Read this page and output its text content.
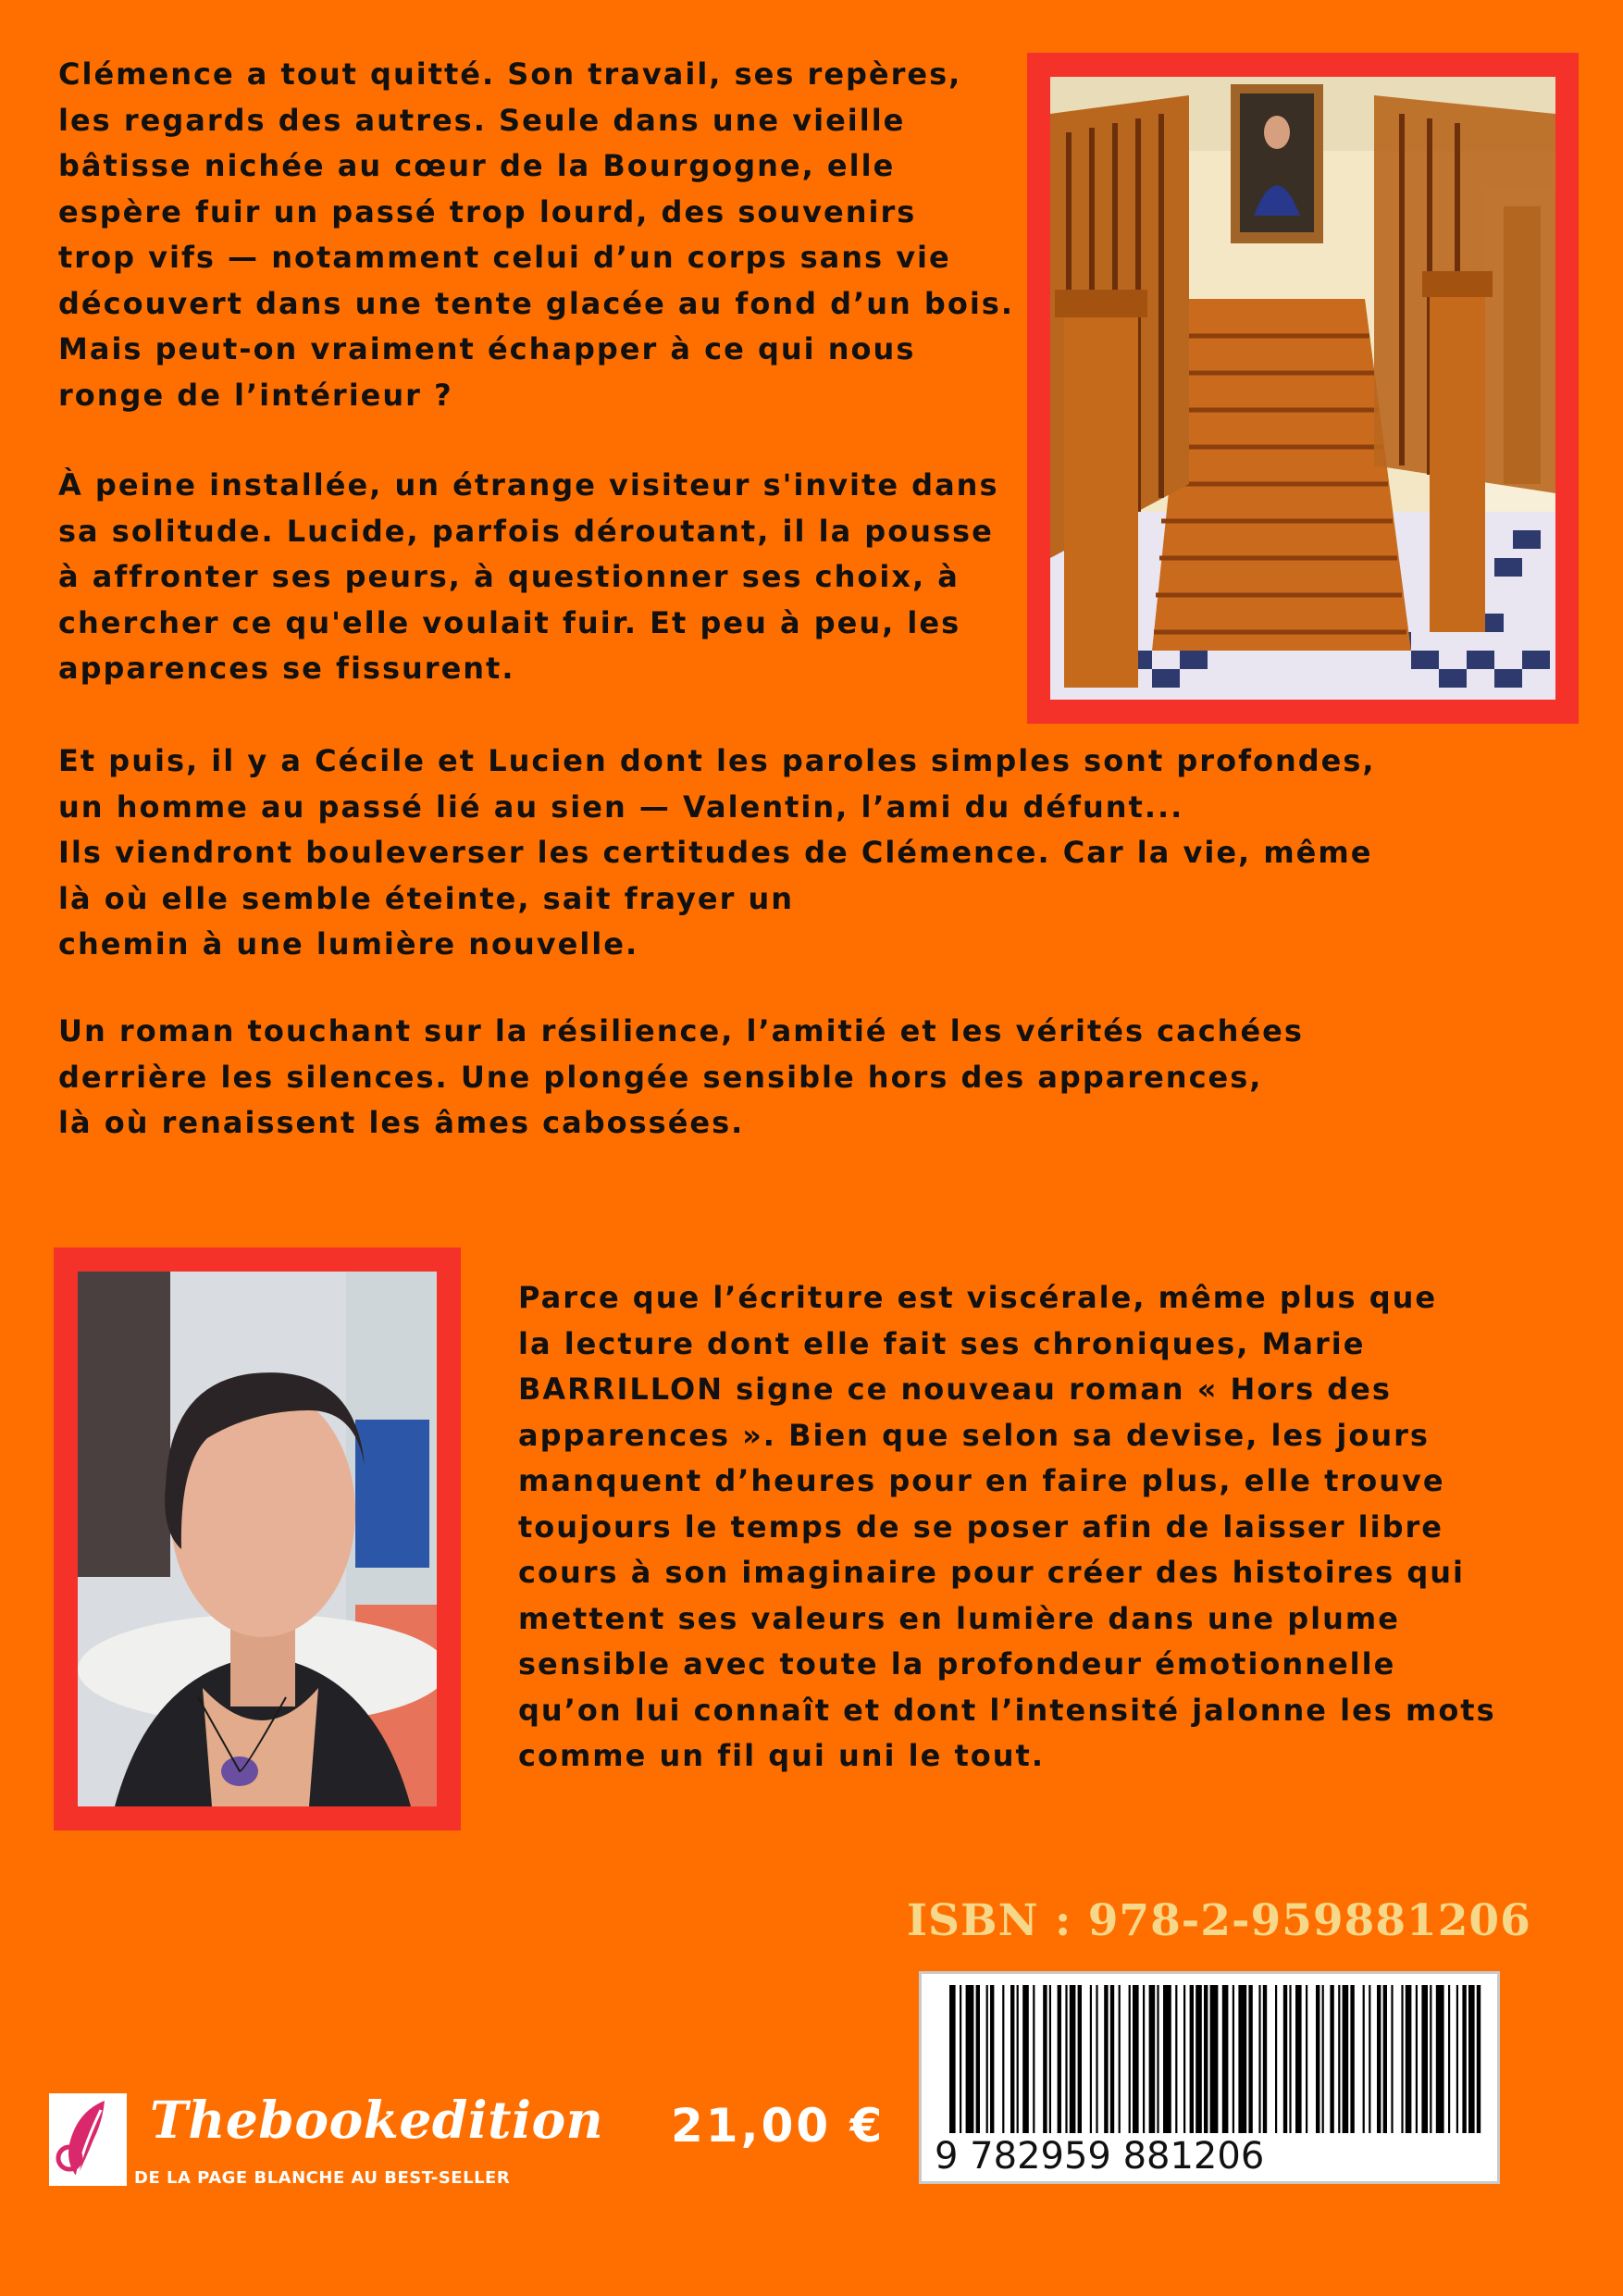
Clémence a tout quitté. Son travail, ses repères,
les regards des autres. Seule dans une vieille
bâtisse nichée au cœur de la Bourgogne, elle
espère fuir un passé trop lourd, des souvenirs
trop vifs — notamment celui d’un corps sans vie
découvert dans une tente glacée au fond d’un bois.
Mais peut-on vraiment échapper à ce qui nous
ronge de l’intérieur ?

À peine installée, un étrange visiteur s'invite dans
sa solitude. Lucide, parfois déroutant, il la pousse
à affronter ses peurs, à questionner ses choix, à
chercher ce qu'elle voulait fuir. Et peu à peu, les
apparences se fissurent.

Et puis, il y a Cécile et Lucien dont les paroles simples sont profondes,
un homme au passé lié au sien — Valentin, l’ami du défunt...
Ils viendront bouleverser les certitudes de Clémence. Car la vie, même
là où elle semble éteinte, sait frayer un
chemin à une lumière nouvelle.

Un roman touchant sur la résilience, l’amitié et les vérités cachées
derrière les silences. Une plongée sensible hors des apparences,
là où renaissent les âmes cabossées.

Parce que l’écriture est viscérale, même plus que
la lecture dont elle fait ses chroniques, Marie
BARRILLON signe ce nouveau roman « Hors des
apparences ». Bien que selon sa devise, les jours
manquent d’heures pour en faire plus, elle trouve
toujours le temps de se poser afin de laisser libre
cours à son imaginaire pour créer des histoires qui
mettent ses valeurs en lumière dans une plume
sensible avec toute la profondeur émotionnelle
qu’on lui connaît et dont l’intensité jalonne les mots
comme un fil qui uni le tout.

ISBN : 978-2-959881206
9 782959 881206
21,00 €
Thebookedition
DE LA PAGE BLANCHE AU BEST-SELLER
